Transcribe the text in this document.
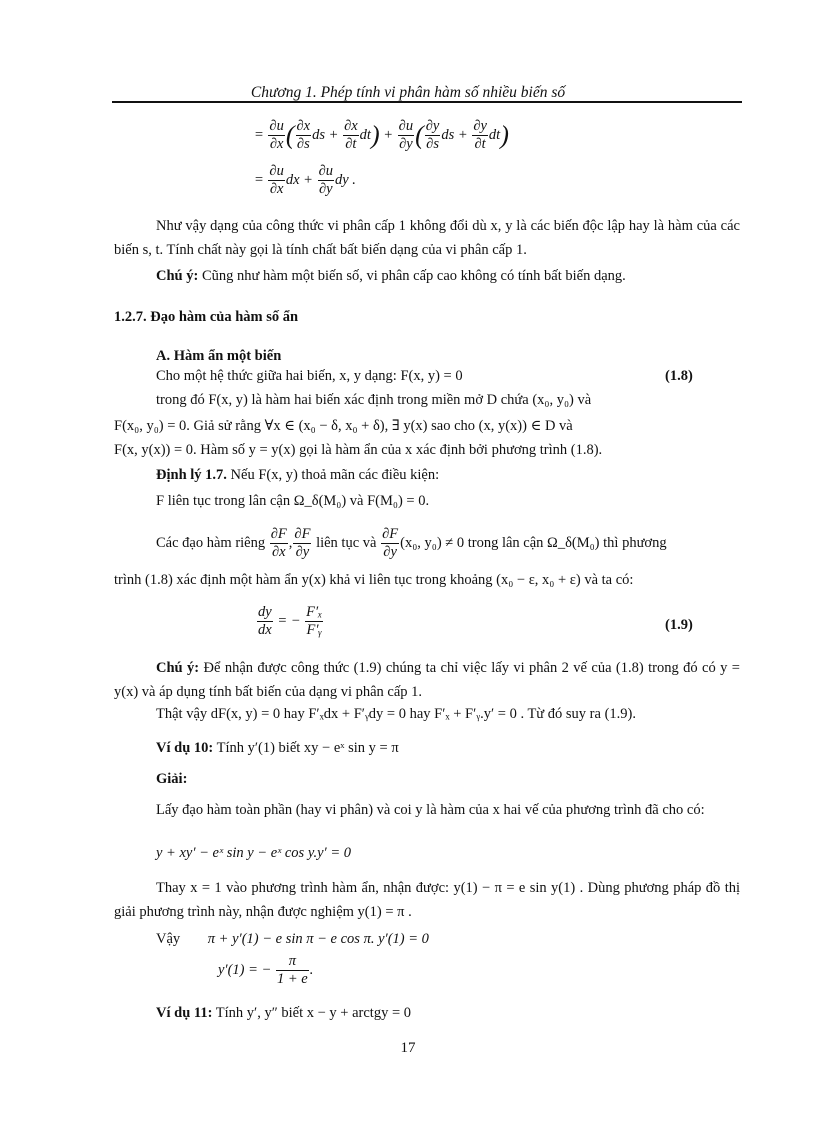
Chương 1. Phép tính vi phân hàm số nhiều biến số
= $\frac{\partial u}{\partial x}$ ( $\frac{\partial x}{\partial s}$ ds + $\frac{\partial x}{\partial t} dt) + \frac{\partial u}{\partial y}$ ( $\frac{\partial y}{\partial s}$ ds + $\frac{\partial y}{\partial t} dt$)
= $\frac{\partial u}{\partial x}$ dx + $\frac{\partial u}{\partial y}$ dy .
Như vậy dạng của công thức vi phân cấp 1 không đổi dù x, y là các biến độc lập hay là hàm của các biến s, t. Tính chất này gọi là tính chất bất biến dạng của vi phân cấp 1.
Chú ý: Cũng như hàm một biến số, vi phân cấp cao không có tính bất biến dạng.
1.2.7. Đạo hàm của hàm số ẩn
A. Hàm ẩn một biến
Cho một hệ thức giữa hai biến, x, y dạng: F(x, y) = 0	(1.8)
trong đó F(x, y) là hàm hai biến xác định trong miền mở D chứa (x₀, y₀) và
F(x₀, y₀) = 0. Giả sử rằng ∀x ∈ (x₀ − δ, x₀ + δ), ∃ y(x) sao cho (x, y(x)) ∈ D và
F(x, y(x)) = 0. Hàm số y = y(x) gọi là hàm ẩn của x xác định bởi phương trình (1.8).
Định lý 1.7. Nếu F(x, y) thoả mãn các điều kiện:
F liên tục trong lân cận Ω_δ(M₀) và F(M₀) = 0.
Các đạo hàm riêng $\frac{\partial F}{\partial x}$ , $\frac{\partial F}{\partial y}$ liên tục và $\frac{\partial F}{\partial y} (x_0$, y₀) ≠ 0 trong lân cận Ω_δ(M₀) thì phương
trình (1.8) xác định một hàm ẩn y(x) khả vi liên tục trong khoảng (x₀ − ε, x₀ + ε) và ta có:
$\frac{dy}{dx}$ = − $\frac{\text{F′ₓ}}{\text{F′ᵧ}}$	(1.9)
Chú ý: Để nhận được công thức (1.9) chúng ta chỉ việc lấy vi phân 2 vế của (1.8) trong đó có y = y(x) và áp dụng tính bất biến của dạng vi phân cấp 1.
Thật vậy dF(x, y) = 0 hay F′ₓdx + F′ᵧdy = 0 hay F′ₓ + F′ᵧ.y′ = 0 . Từ đó suy ra (1.9).
Ví dụ 10: Tính y′(1) biết xy − eˣ sin y = π
Giải:
Lấy đạo hàm toàn phần (hay vi phân) và coi y là hàm của x hai vế của phương trình đã cho có:
y + xy′ − eˣ sin y − eˣ cos y.y′ = 0
Thay x = 1 vào phương trình hàm ẩn, nhận được: y(1) − π = e sin y(1) . Dùng phương pháp đồ thị giải phương trình này, nhận được nghiệm y(1) = π .
Vậy π + y′(1) − e sin π − e cos π. y′(1) = 0
y′(1) = − $\frac{\pi}{1 + e}$ .
Ví dụ 11: Tính y′, y″ biết x − y + arctgy = 0
17
